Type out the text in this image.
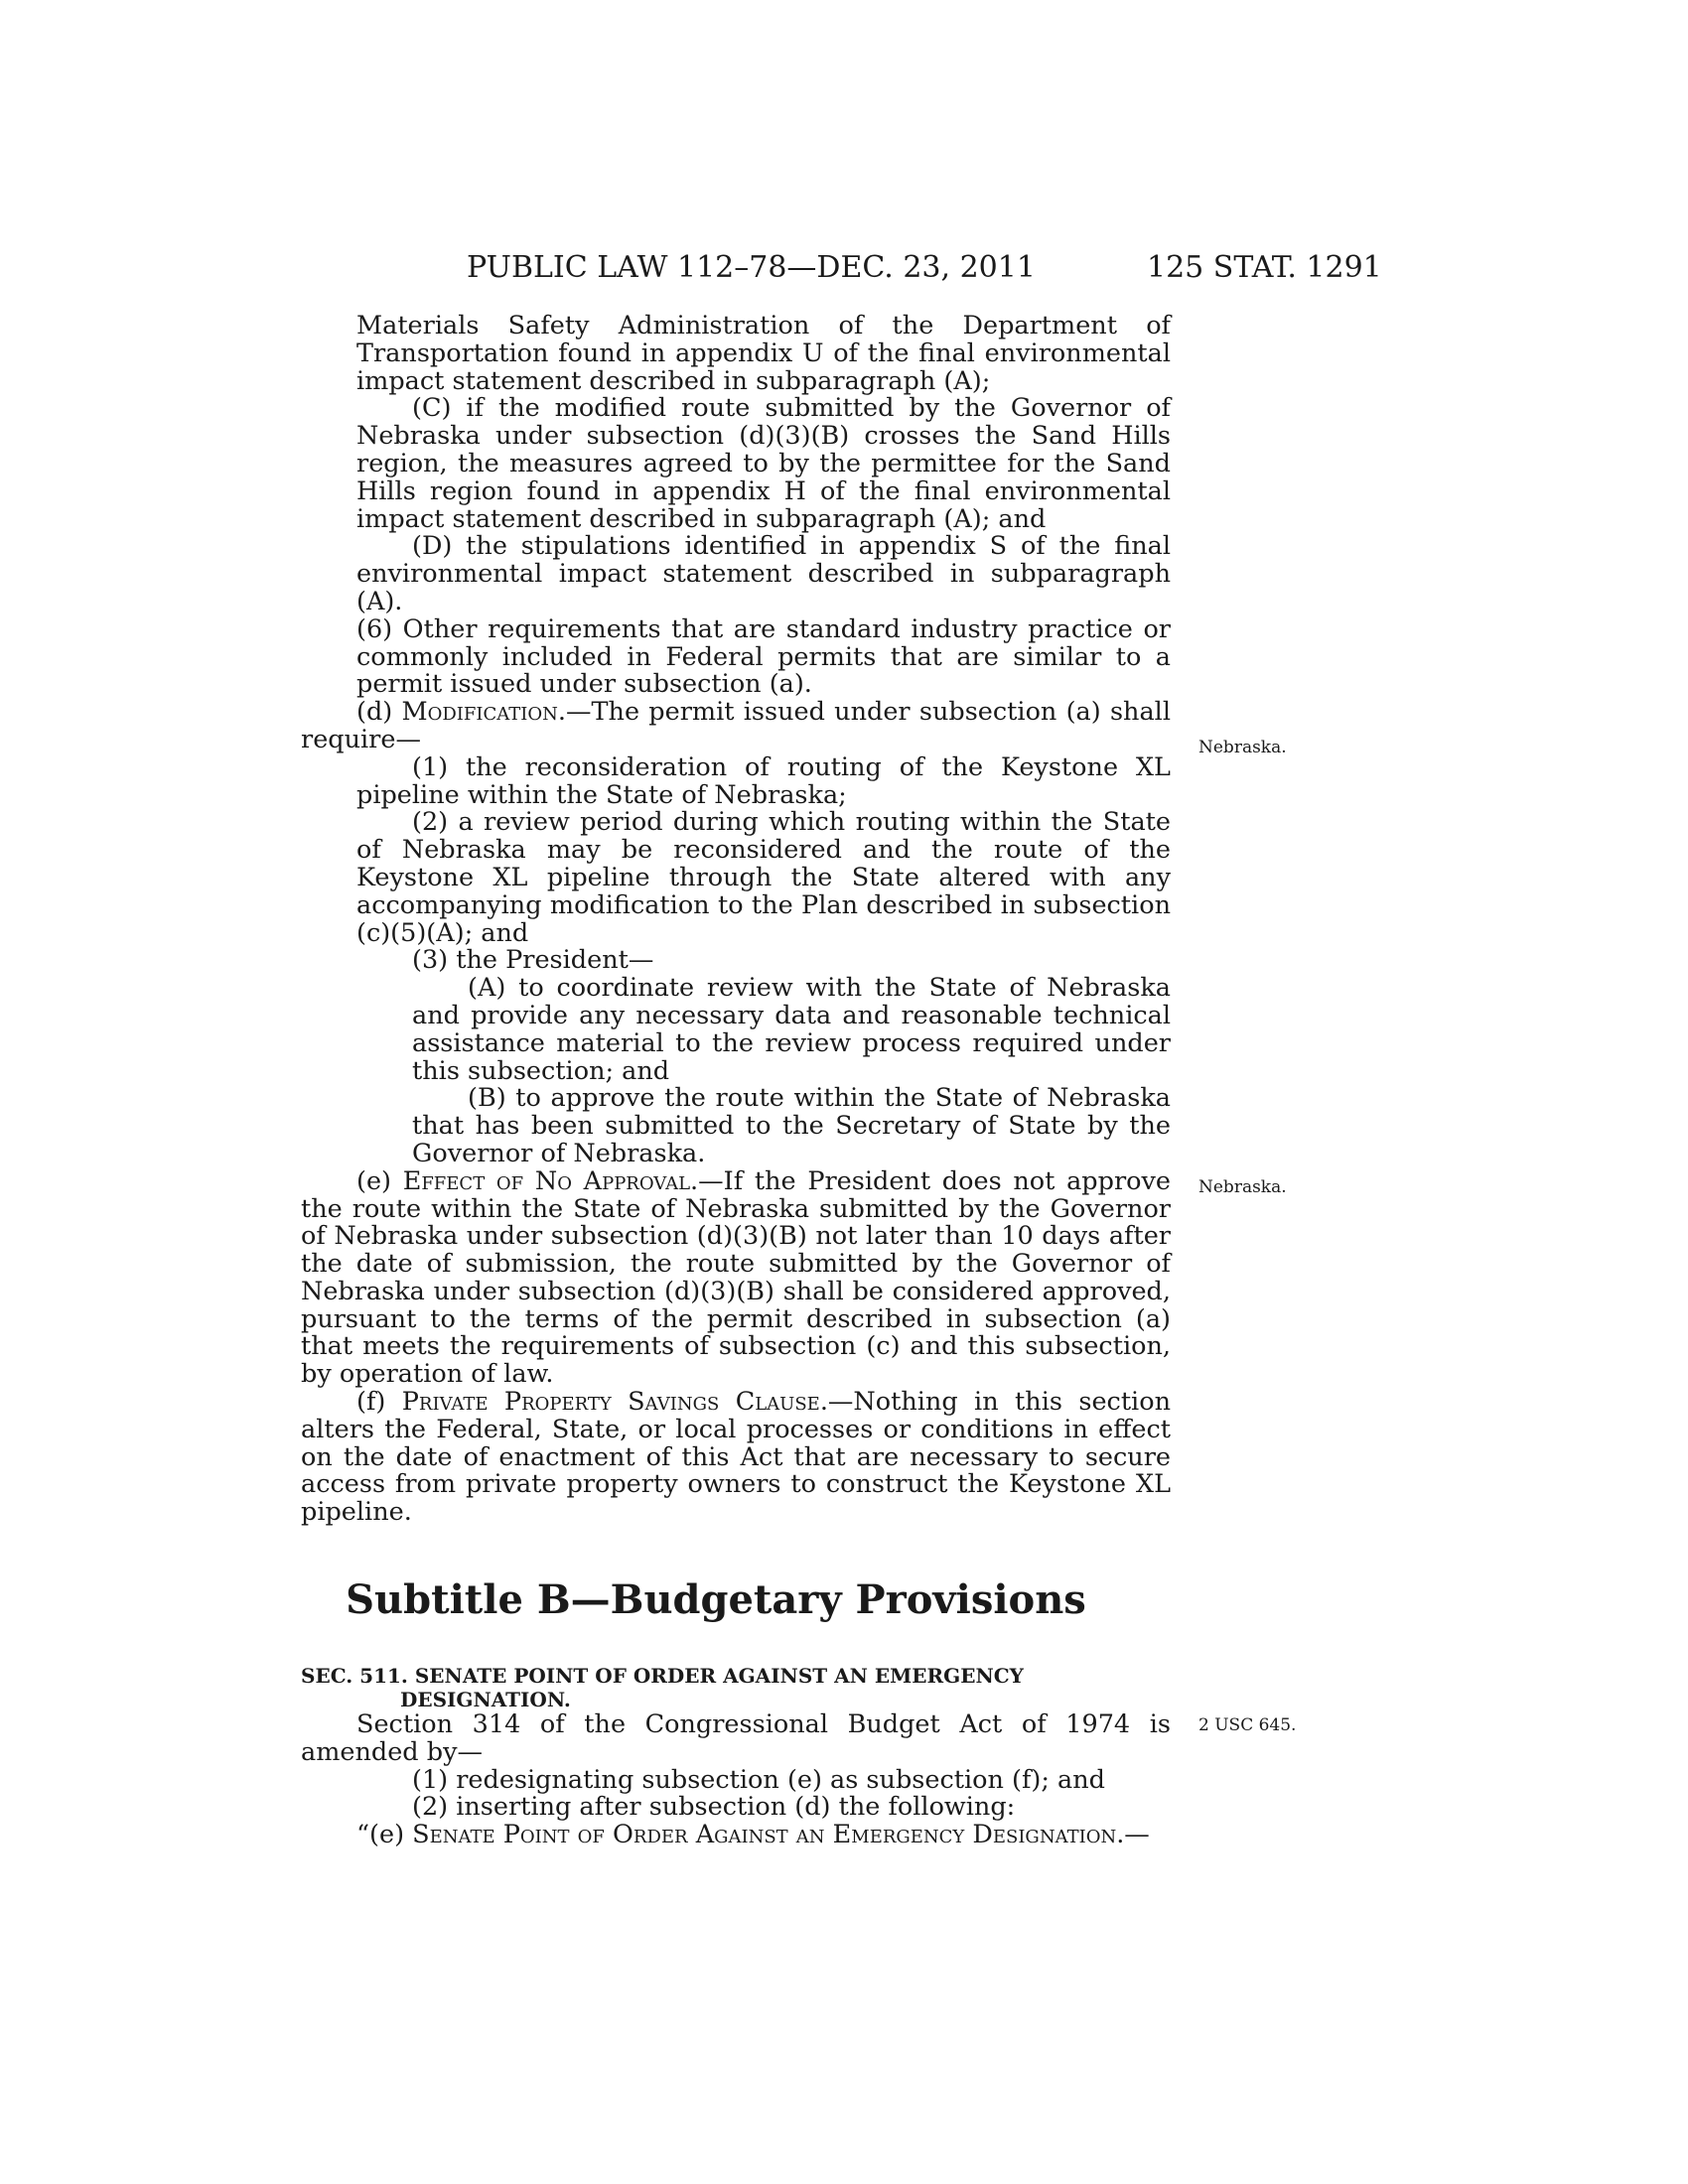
PUBLIC LAW 112–78—DEC. 23, 2011	125 STAT. 1291

Materials Safety Administration of the Department of Transportation found in appendix U of the final environmental impact statement described in subparagraph (A);

(C) if the modified route submitted by the Governor of Nebraska under subsection (d)(3)(B) crosses the Sand Hills region, the measures agreed to by the permittee for the Sand Hills region found in appendix H of the final environmental impact statement described in subparagraph (A); and

(D) the stipulations identified in appendix S of the final environmental impact statement described in subparagraph (A).

(6) Other requirements that are standard industry practice or commonly included in Federal permits that are similar to a permit issued under subsection (a).

(d) Modification.—The permit issued under subsection (a) shall require—

(1) the reconsideration of routing of the Keystone XL pipeline within the State of Nebraska;

(2) a review period during which routing within the State of Nebraska may be reconsidered and the route of the Keystone XL pipeline through the State altered with any accompanying modification to the Plan described in subsection (c)(5)(A); and

(3) the President—

(A) to coordinate review with the State of Nebraska and provide any necessary data and reasonable technical assistance material to the review process required under this subsection; and

(B) to approve the route within the State of Nebraska that has been submitted to the Secretary of State by the Governor of Nebraska.

(e) Effect of No Approval.—If the President does not approve the route within the State of Nebraska submitted by the Governor of Nebraska under subsection (d)(3)(B) not later than 10 days after the date of submission, the route submitted by the Governor of Nebraska under subsection (d)(3)(B) shall be considered approved, pursuant to the terms of the permit described in subsection (a) that meets the requirements of subsection (c) and this subsection, by operation of law.

(f) Private Property Savings Clause.—Nothing in this section alters the Federal, State, or local processes or conditions in effect on the date of enactment of this Act that are necessary to secure access from private property owners to construct the Keystone XL pipeline.

Subtitle B—Budgetary Provisions
SEC. 511. SENATE POINT OF ORDER AGAINST AN EMERGENCY DESIGNATION.

Section 314 of the Congressional Budget Act of 1974 is amended by—

(1) redesignating subsection (e) as subsection (f); and

(2) inserting after subsection (d) the following:

“(e) Senate Point of Order Against an Emergency Designation.—

Nebraska.
Nebraska.
2 USC 645.
